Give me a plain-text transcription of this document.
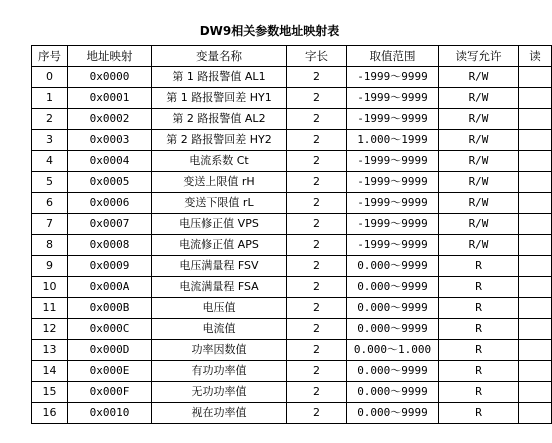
DW9相关参数地址映射表
序号	地址映射	变量名称	字长	取值范围	读写允许	读
0	0x0000	第 1 路报警值 AL1	2	-1999～9999	R/W	
1	0x0001	第 1 路报警回差 HY1	2	-1999～9999	R/W	
2	0x0002	第 2 路报警值 AL2	2	-1999～9999	R/W	
3	0x0003	第 2 路报警回差 HY2	2	1.000～1999	R/W	
4	0x0004	电流系数 Ct	2	-1999～9999	R/W	
5	0x0005	变送上限值 rH	2	-1999～9999	R/W	
6	0x0006	变送下限值 rL	2	-1999～9999	R/W	
7	0x0007	电压修正值 VPS	2	-1999～9999	R/W	
8	0x0008	电流修正值 APS	2	-1999～9999	R/W	
9	0x0009	电压满量程 FSV	2	0.000～9999	R	
10	0x000A	电流满量程 FSA	2	0.000～9999	R	
11	0x000B	电压值	2	0.000～9999	R	
12	0x000C	电流值	2	0.000～9999	R	
13	0x000D	功率因数值	2	0.000～1.000	R	
14	0x000E	有功功率值	2	0.000～9999	R	
15	0x000F	无功功率值	2	0.000～9999	R	
16	0x0010	视在功率值	2	0.000～9999	R	
